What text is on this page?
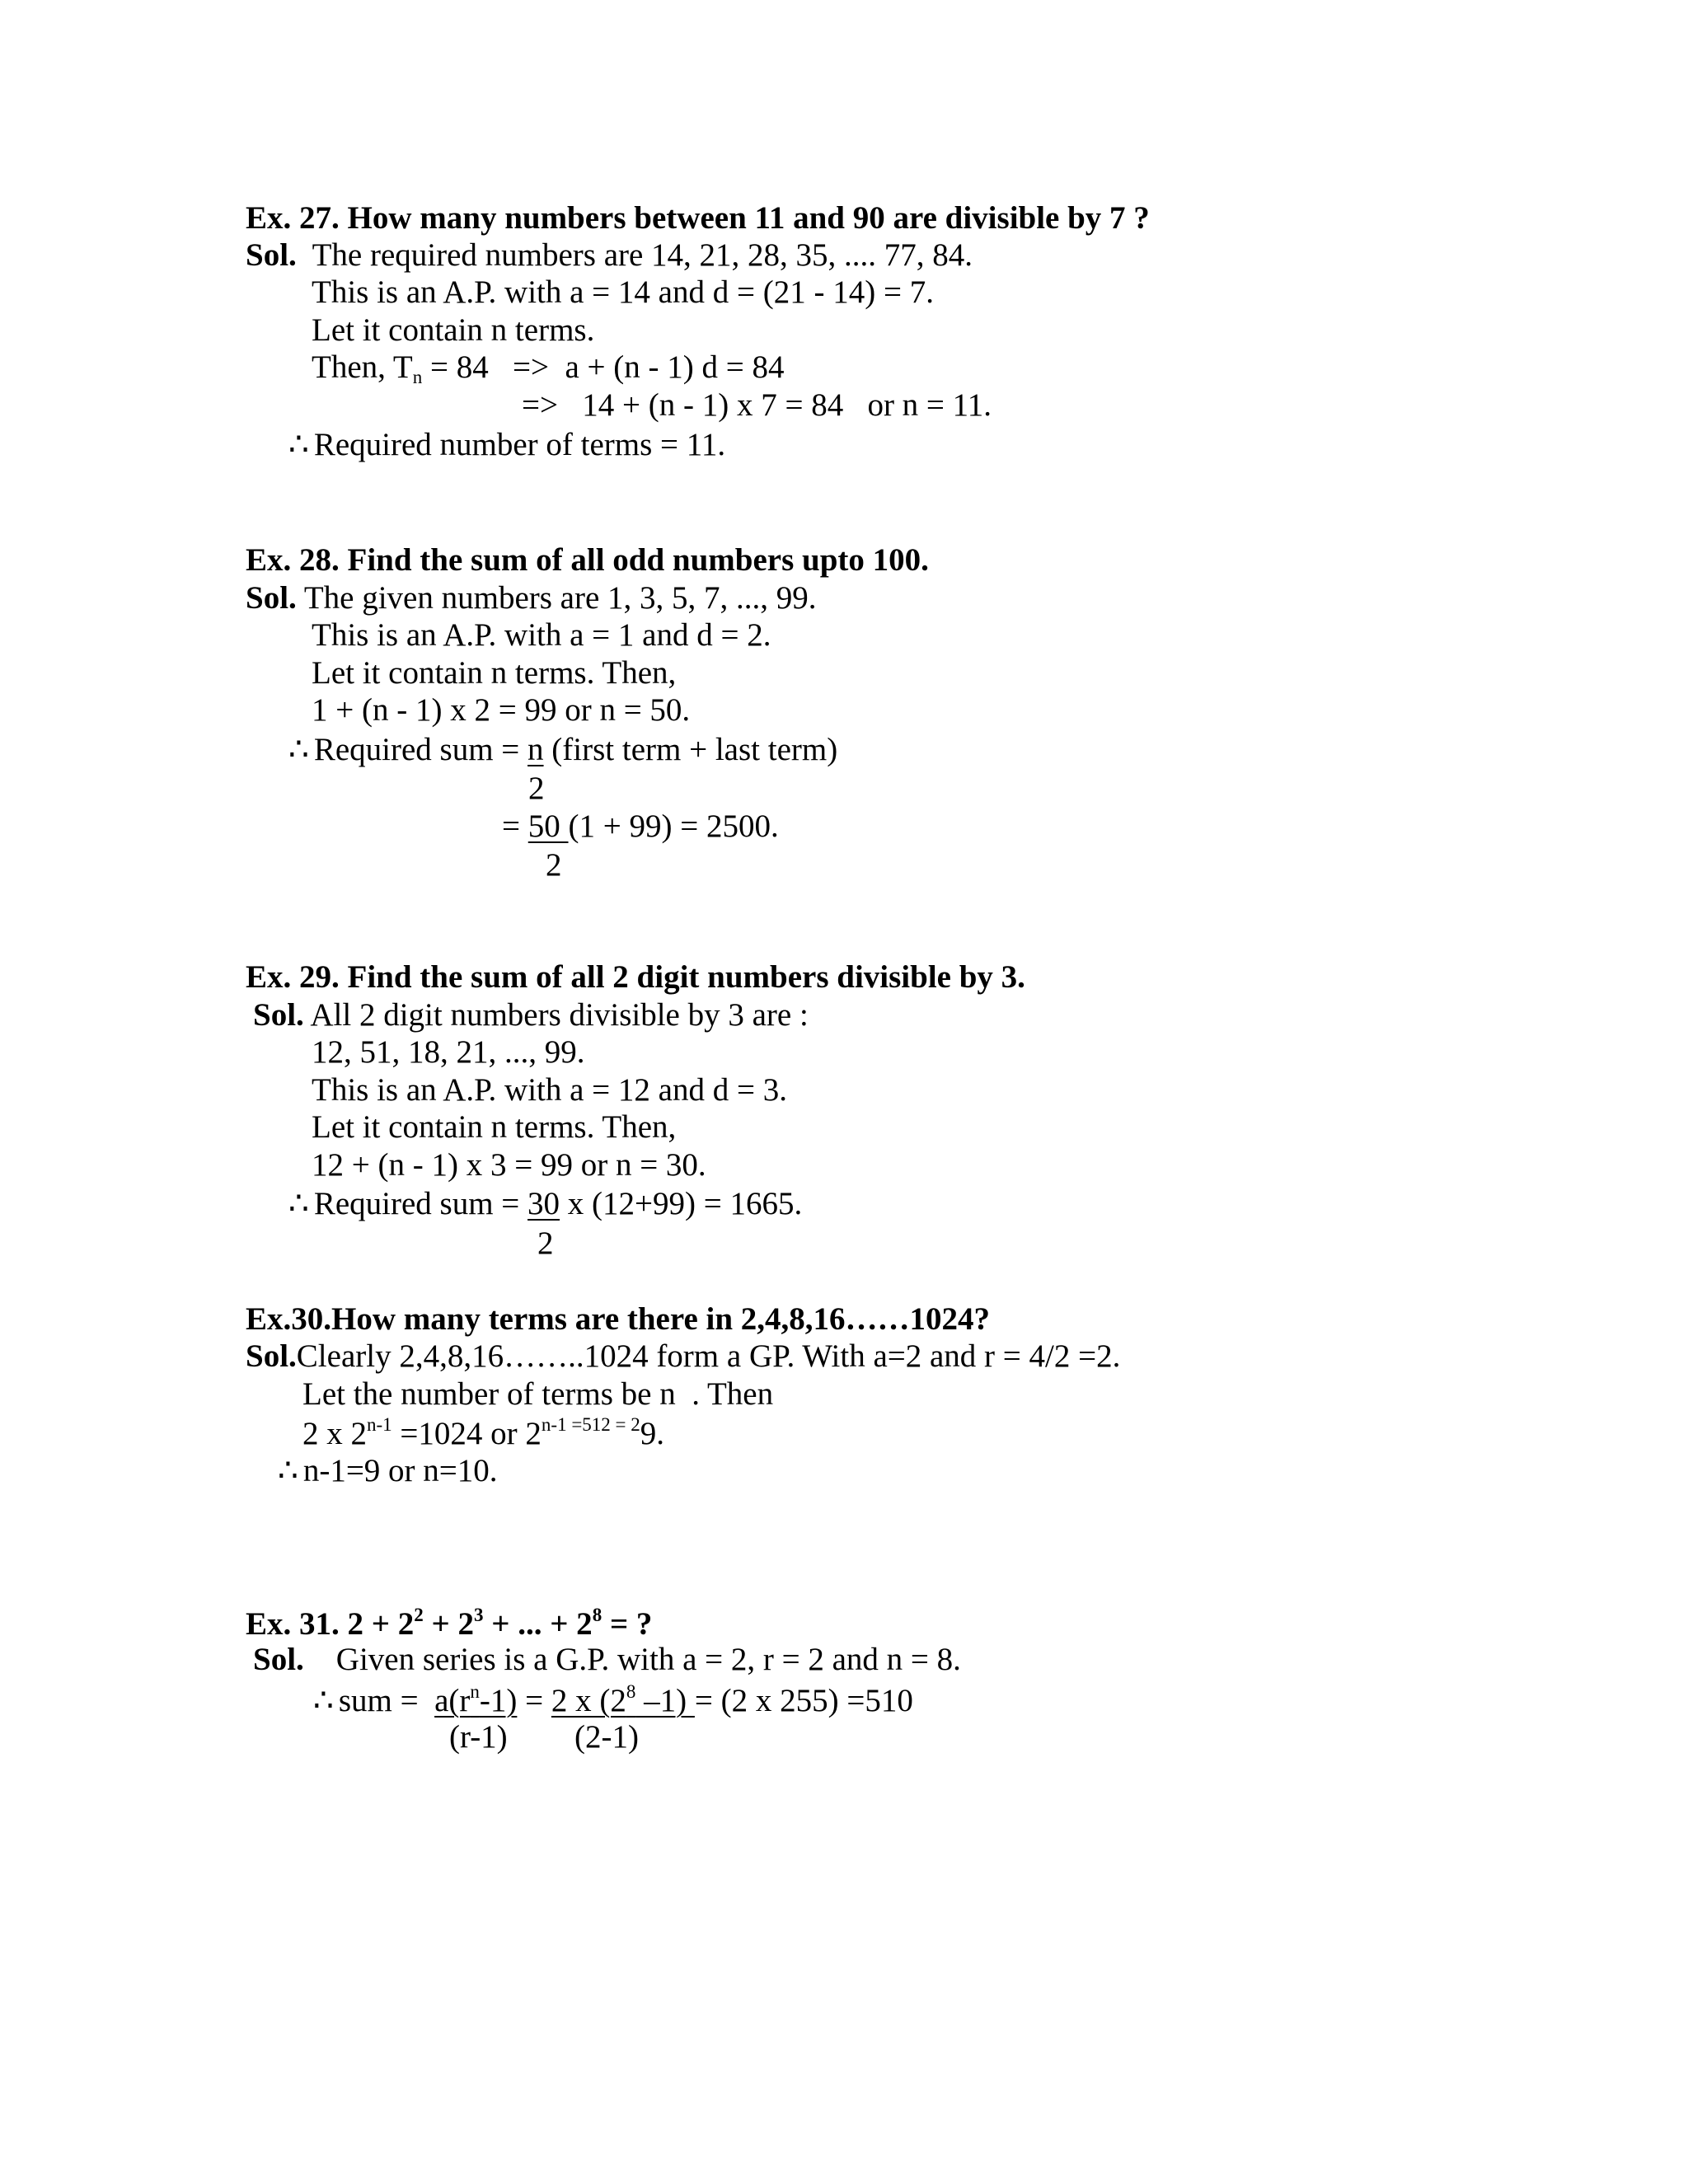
Ex. 27. How many numbers between 11 and 90 are divisible by 7 ?
Sol.  The required numbers are 14, 21, 28, 35, .... 77, 84.
This is an A.P. with a = 14 and d = (21 - 14) = 7.
Let it contain n terms.
Then, $T_n = 84 => a + (n - 1) d = 84$
=>   14 + (n - 1) x 7 = 84   or n = 11.
∴ Required number of terms = 11.
Ex. 28. Find the sum of all odd numbers upto 100.
Sol. The given numbers are 1, 3, 5, 7, ..., 99.
This is an A.P. with a = 1 and d = 2.
Let it contain n terms. Then,
1 + (n - 1) x 2 = 99 or n = 50.
∴ Required sum = n (first term + last term)
2
= 50 (1 + 99) = 2500.
2
Ex. 29. Find the sum of all 2 digit numbers divisible by 3.
Sol. All 2 digit numbers divisible by 3 are :
12, 51, 18, 21, ..., 99.
This is an A.P. with a = 12 and d = 3.
Let it contain n terms. Then,
12 + (n - 1) x 3 = 99 or n = 30.
∴ Required sum = 30 x (12+99) = 1665.
2
Ex.30.How many terms are there in 2,4,8,16……1024?
Sol.Clearly 2,4,8,16……..1024 form a GP. With a=2 and r = 4/2 =2.
Let the number of terms be n  . Then
2 x $2^{n-1} =1024$ or $2^{n-1 =512 = 2}9$.
∴ n-1=9 or n=10.
Ex. 31. $2 + 2^2 + 2^3$ + ... + $2^8$ = ?
Sol.    Given series is a G.P. with a = 2, r = 2 and n = 8.
∴ sum =  $a(r^n-1) = 2$ x ($2^8$ –1) = (2 x 255) =510
(r-1) (2-1)
